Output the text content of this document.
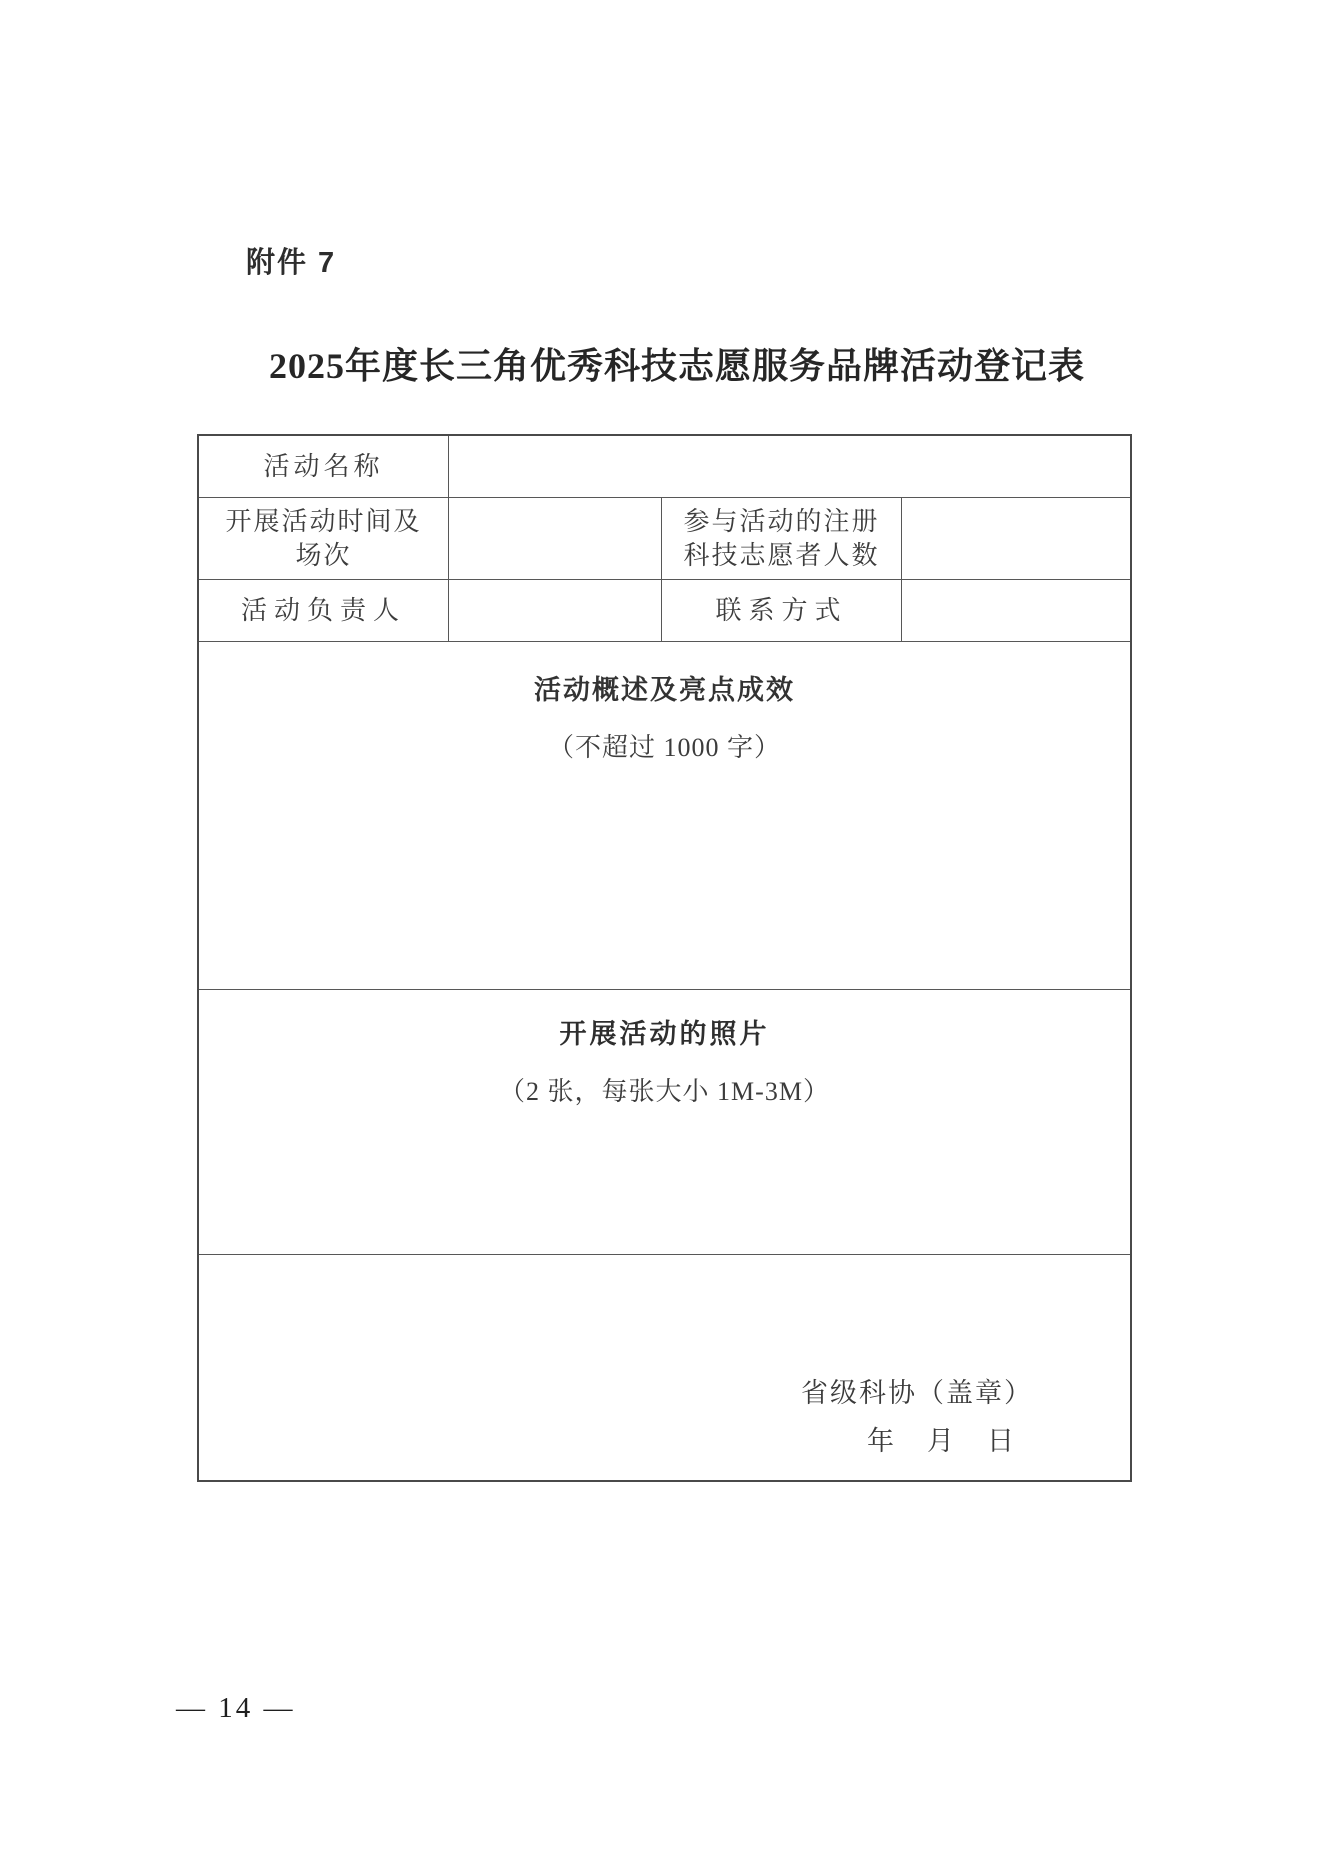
附件 7
2025年度长三角优秀科技志愿服务品牌活动登记表
活动名称
开展活动时间及
场次
参与活动的注册
科技志愿者人数
活动负责人	联系方式
活动概述及亮点成效
（不超过 1000 字）
开展活动的照片
（2 张，每张大小 1M-3M）
省级科协（盖章）
年　月　日
— 14 —
